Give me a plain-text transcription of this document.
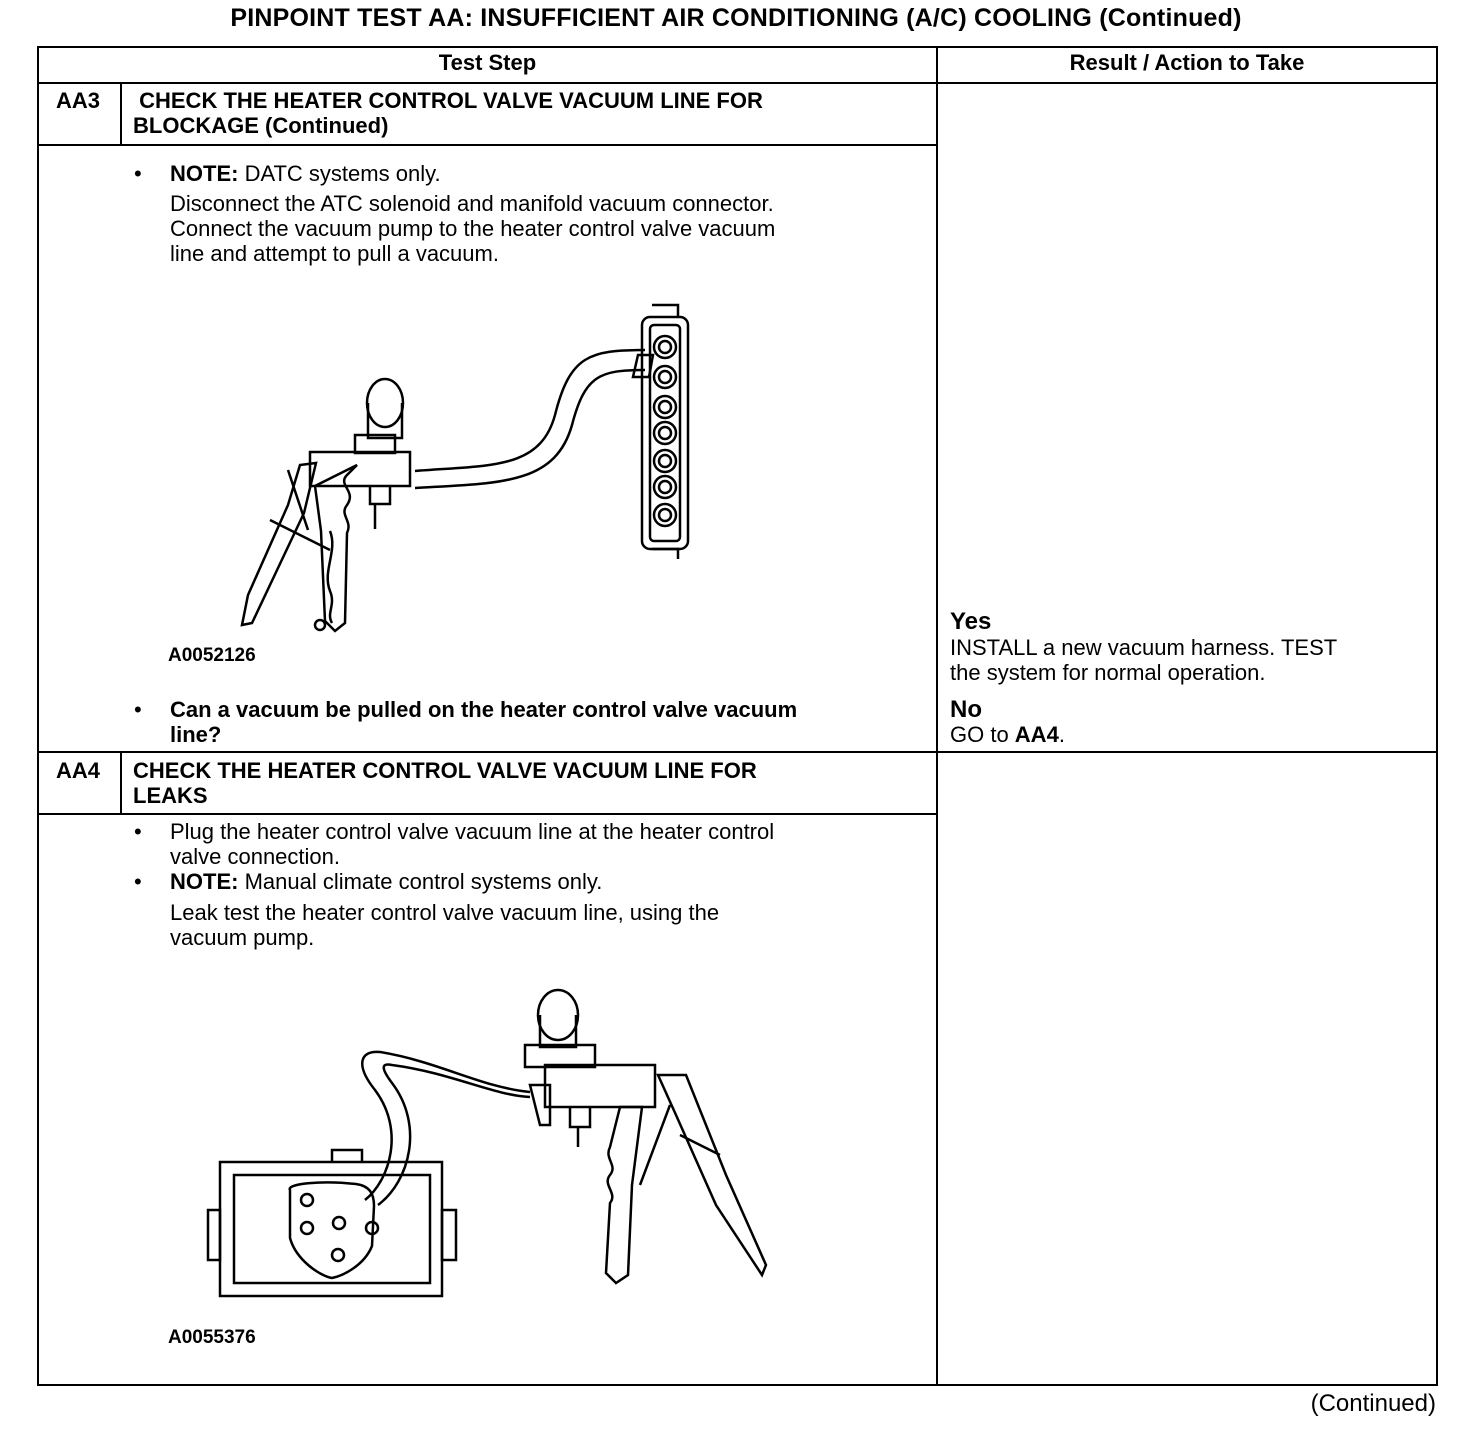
PINPOINT TEST AA: INSUFFICIENT AIR CONDITIONING (A/C) COOLING (Continued)
Test Step	Result / Action to Take
AA3 CHECK THE HEATER CONTROL VALVE VACUUM LINE FOR
BLOCKAGE (Continued)
• NOTE: DATC systems only.
Disconnect the ATC solenoid and manifold vacuum connector.
Connect the vacuum pump to the heater control valve vacuum
line and attempt to pull a vacuum.
A0052126
• Can a vacuum be pulled on the heater control valve vacuum
line?
Yes
INSTALL a new vacuum harness. TEST
the system for normal operation.
No
GO to AA4.
AA4 CHECK THE HEATER CONTROL VALVE VACUUM LINE FOR
LEAKS
• Plug the heater control valve vacuum line at the heater control
valve connection.
• NOTE: Manual climate control systems only.
Leak test the heater control valve vacuum line, using the
vacuum pump.
A0055376
(Continued)
